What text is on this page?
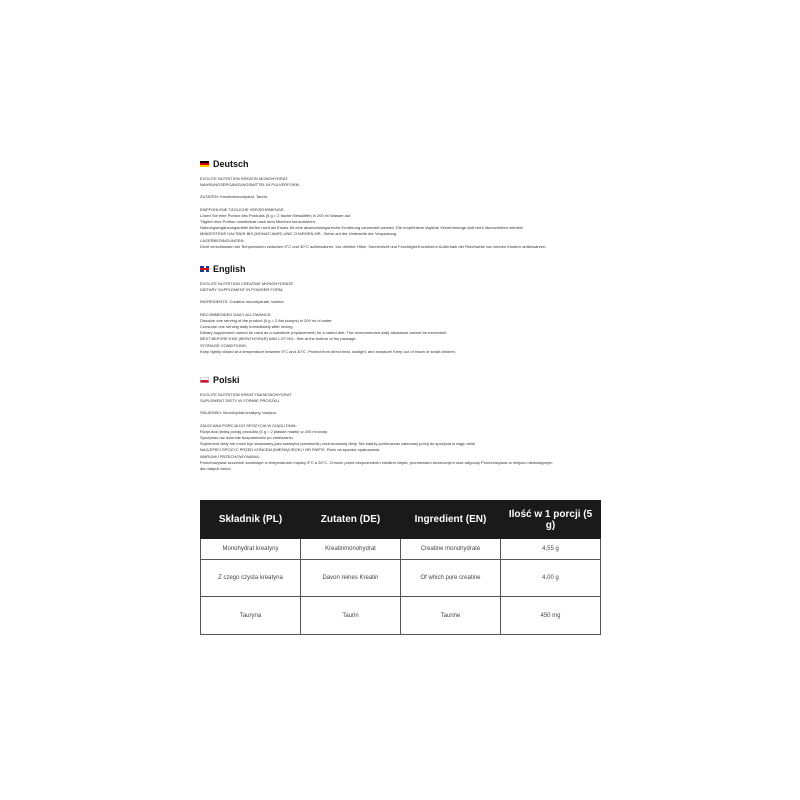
Deutsch
EVOLITE NUTRITION KREATIN MONOHYDRAT
NAHRUNGSERGÄNZUNGSMITTEL IN PULVERFORM.
ZUTATEN: Kreatinmonohydrat, Taurin.
EMPFOHLENE TÄGLICHE VERZEHRMENGE:
Lösen Sie eine Portion des Produkts (5 g = 2 flache Messlöffel) in 200 ml Wasser auf.
Täglich eine Portion unmittelbar nach dem Mischen konsumieren.
Nahrungsergänzungsmittel dürfen nicht als Ersatz für eine abwechslungsreiche Ernährung verwendet werden. Die empfohlene tägliche Verzehrmenge darf nicht überschritten werden!
MINDESTENS HALTBAR BIS (MONAT/JAHR) UND CHARGEN-NR.: Siehe auf der Unterseite der Verpackung.
LAGERBEDINGUNGEN:
Dicht verschlossen bei Temperaturen zwischen 5°C und 30°C aufbewahren. Vor direkter Hitze, Sonnenlicht und Feuchtigkeit schützen! Außerhalb der Reichweite von kleinen Kindern aufbewahren.
English
EVOLITE NUTRITION CREATINE MONOHYDRATE
DIETARY SUPPLEMENT IN POWDER FORM.
INGREDIENTS: Creatine monohydrate, taurine.
RECOMMENDED DAILY ALLOWANCE:
Dissolve one serving of the product (5 g = 2 flat scoops) in 200 ml of water.
Consume one serving daily immediately after mixing.
Dietary supplement cannot be used as a substitute (replacement) for a varied diet. The recommended daily allowance cannot be exceeded!
BEST BEFORE END (MONTH/YEAR) AND LOT NO.: See at the bottom of the package.
STORAGE CONDITIONS:
Keep tightly closed at a temperature between 5°C and 30°C. Protect from direct heat, sunlight, and moisture! Keep out of reach of small children.
Polski
EVOLITE NUTRITION KREATYNA MONOHYDRAT
SUPLEMENT DIETY W FORMIE PROSZKU.
SKŁADNIKI: Monohydrat kreatyny, tauryna.
ZALECANA PORCJA DO SPOŻYCIA W CIĄGU DNIA:
Rozpuścić jedną porcję produktu (5 g = 2 płaskie miarki) w 200 ml wody.
Spożywać raz dziennie bezpośrednio po zmieszaniu.
Suplement diety nie może być stosowany jako substytut (zamiennik) zróżnicowanej diety. Nie należy przekraczać zalecanej porcji do spożycia w ciągu dnia!
NAJLEPIEJ SPOŻYĆ PRZED KOŃCEM (MIESIĄC/ROK) I NR PARTII: Patrz na spodzie opakowania.
WARUNKI PRZECHOWYWANIA:
Przechowywać szczelnie zamknięte w temperaturze między 5°C a 30°C. Chronić przed bezpośrednim źródłem ciepła, promieniami słonecznymi oraz wilgocią! Przechowywać w miejscu niedostępnym
dla małych dzieci.
Składnik (PL)	Zutaten (DE)	Ingredient (EN)	Ilość w 1 porcji (5 g)
Monohydrat kreatyny	Kreatinmonohydrat	Creatine monohydrate	4,55 g
Z czego czysta kreatyna	Davon reines Kreatin	Of which pure creatine	4,00 g
Tauryna	Taurin	Taurine	450 mg
